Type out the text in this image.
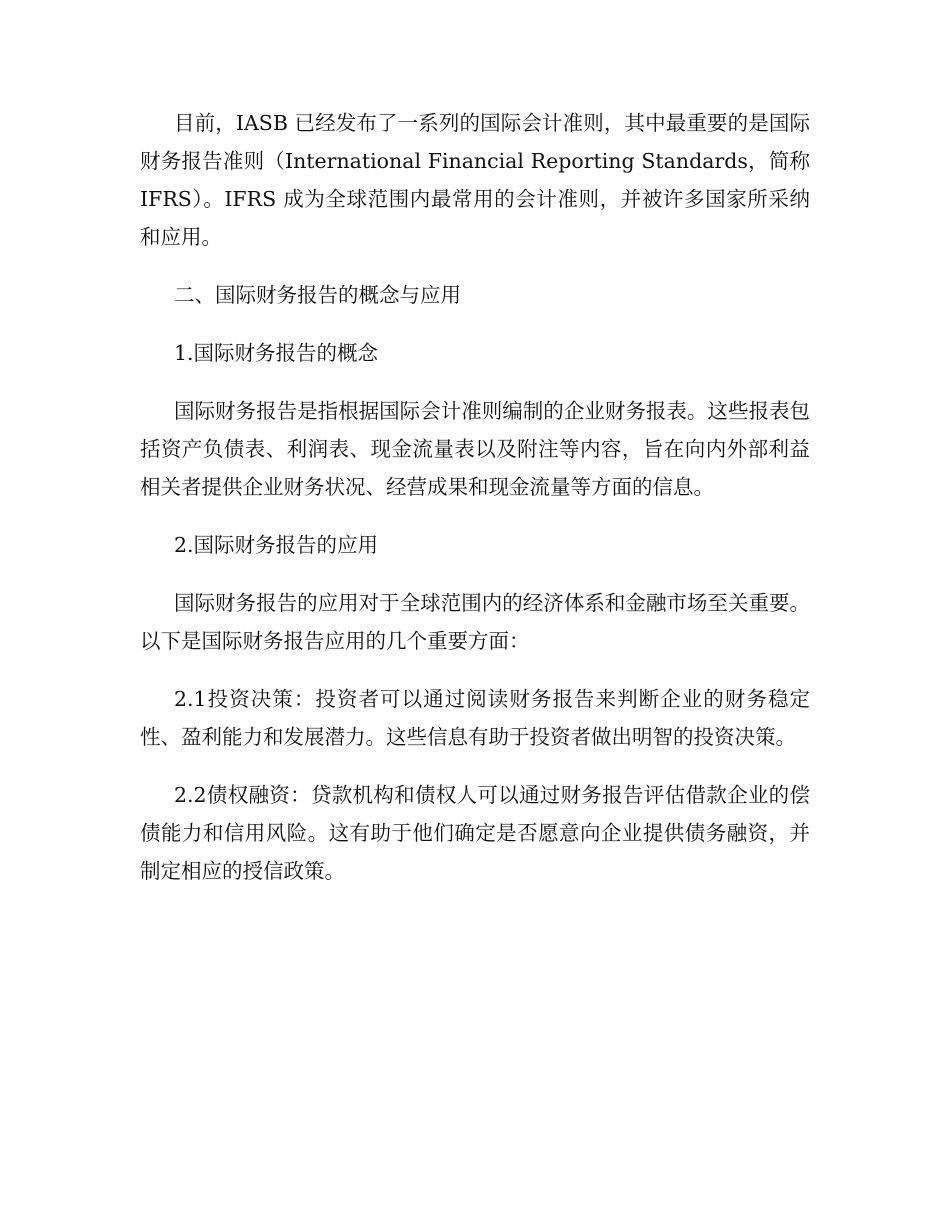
目前，IASB 已经发布了一系列的国际会计准则，其中最重要的是国际财务报告准则（International Financial Reporting Standards，简称 IFRS）。IFRS 成为全球范围内最常用的会计准则，并被许多国家所采纳和应用。

二、国际财务报告的概念与应用

1.国际财务报告的概念

国际财务报告是指根据国际会计准则编制的企业财务报表。这些报表包括资产负债表、利润表、现金流量表以及附注等内容，旨在向内外部利益相关者提供企业财务状况、经营成果和现金流量等方面的信息。

2.国际财务报告的应用

国际财务报告的应用对于全球范围内的经济体系和金融市场至关重要。以下是国际财务报告应用的几个重要方面：

2.1投资决策：投资者可以通过阅读财务报告来判断企业的财务稳定性、盈利能力和发展潜力。这些信息有助于投资者做出明智的投资决策。

2.2债权融资：贷款机构和债权人可以通过财务报告评估借款企业的偿债能力和信用风险。这有助于他们确定是否愿意向企业提供债务融资，并制定相应的授信政策。
